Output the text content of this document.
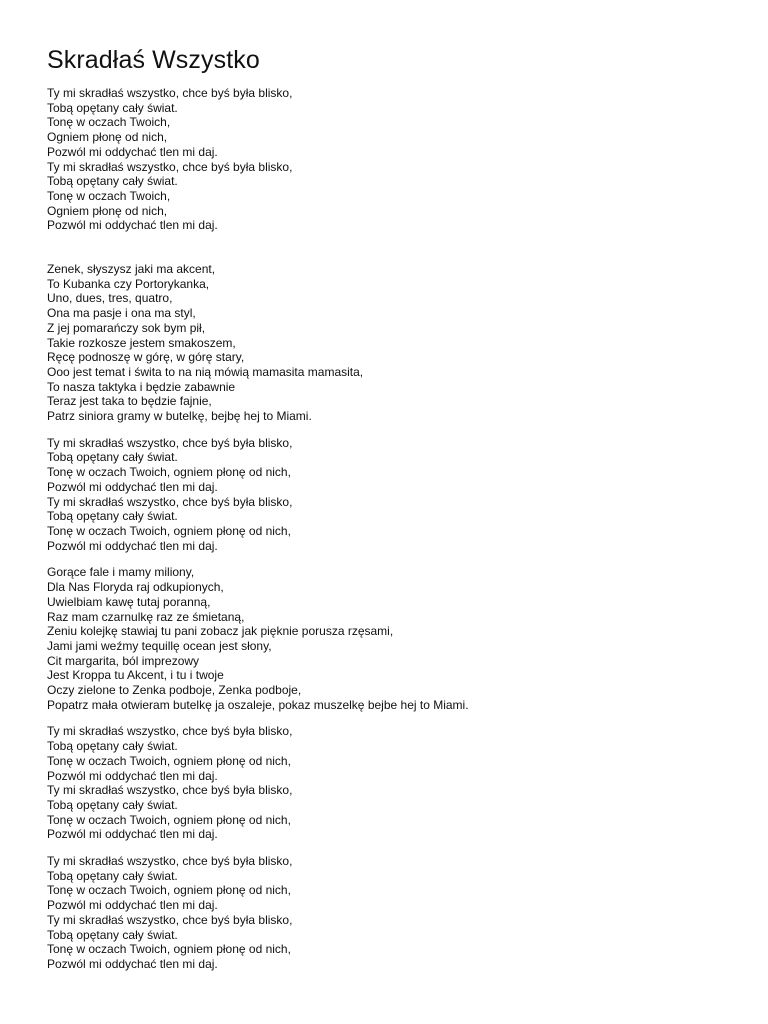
Skradłaś Wszystko
Ty mi skradłaś wszystko, chce byś była blisko,
Tobą opętany cały świat.
Tonę w oczach Twoich,
Ogniem płonę od nich,
Pozwól mi oddychać tlen mi daj.
Ty mi skradłaś wszystko, chce byś była blisko,
Tobą opętany cały świat.
Tonę w oczach Twoich,
Ogniem płonę od nich,
Pozwól mi oddychać tlen mi daj.
Zenek, słyszysz jaki ma akcent,
To Kubanka czy Portorykanka,
Uno, dues, tres, quatro,
Ona ma pasje i ona ma styl,
Z jej pomarańczy sok bym pił,
Takie rozkosze jestem smakoszem,
Ręcę podnoszę w górę, w górę stary,
Ooo jest temat i świta to na nią mówią mamasita mamasita,
To nasza taktyka i będzie zabawnie
Teraz jest taka to będzie fajnie,
Patrz siniora gramy w butelkę, bejbę hej to Miami.
Ty mi skradłaś wszystko, chce byś była blisko,
Tobą opętany cały świat.
Tonę w oczach Twoich, ogniem płonę od nich,
Pozwól mi oddychać tlen mi daj.
Ty mi skradłaś wszystko, chce byś była blisko,
Tobą opętany cały świat.
Tonę w oczach Twoich, ogniem płonę od nich,
Pozwól mi oddychać tlen mi daj.
Gorące fale i mamy miliony,
Dla Nas Floryda raj odkupionych,
Uwielbiam kawę tutaj poranną,
Raz mam czarnulkę raz ze śmietaną,
Zeniu kolejkę stawiaj tu pani zobacz jak pięknie porusza rzęsami,
Jami jami weźmy tequillę ocean jest słony,
Cit margarita, ból imprezowy
Jest Kroppa tu Akcent, i tu i twoje
Oczy zielone to Zenka podboje, Zenka podboje,
Popatrz mała otwieram butelkę ja oszaleje, pokaz muszelkę bejbe hej to Miami.
Ty mi skradłaś wszystko, chce byś była blisko,
Tobą opętany cały świat.
Tonę w oczach Twoich, ogniem płonę od nich,
Pozwól mi oddychać tlen mi daj.
Ty mi skradłaś wszystko, chce byś była blisko,
Tobą opętany cały świat.
Tonę w oczach Twoich, ogniem płonę od nich,
Pozwól mi oddychać tlen mi daj.
Ty mi skradłaś wszystko, chce byś była blisko,
Tobą opętany cały świat.
Tonę w oczach Twoich, ogniem płonę od nich,
Pozwól mi oddychać tlen mi daj.
Ty mi skradłaś wszystko, chce byś była blisko,
Tobą opętany cały świat.
Tonę w oczach Twoich, ogniem płonę od nich,
Pozwól mi oddychać tlen mi daj.
